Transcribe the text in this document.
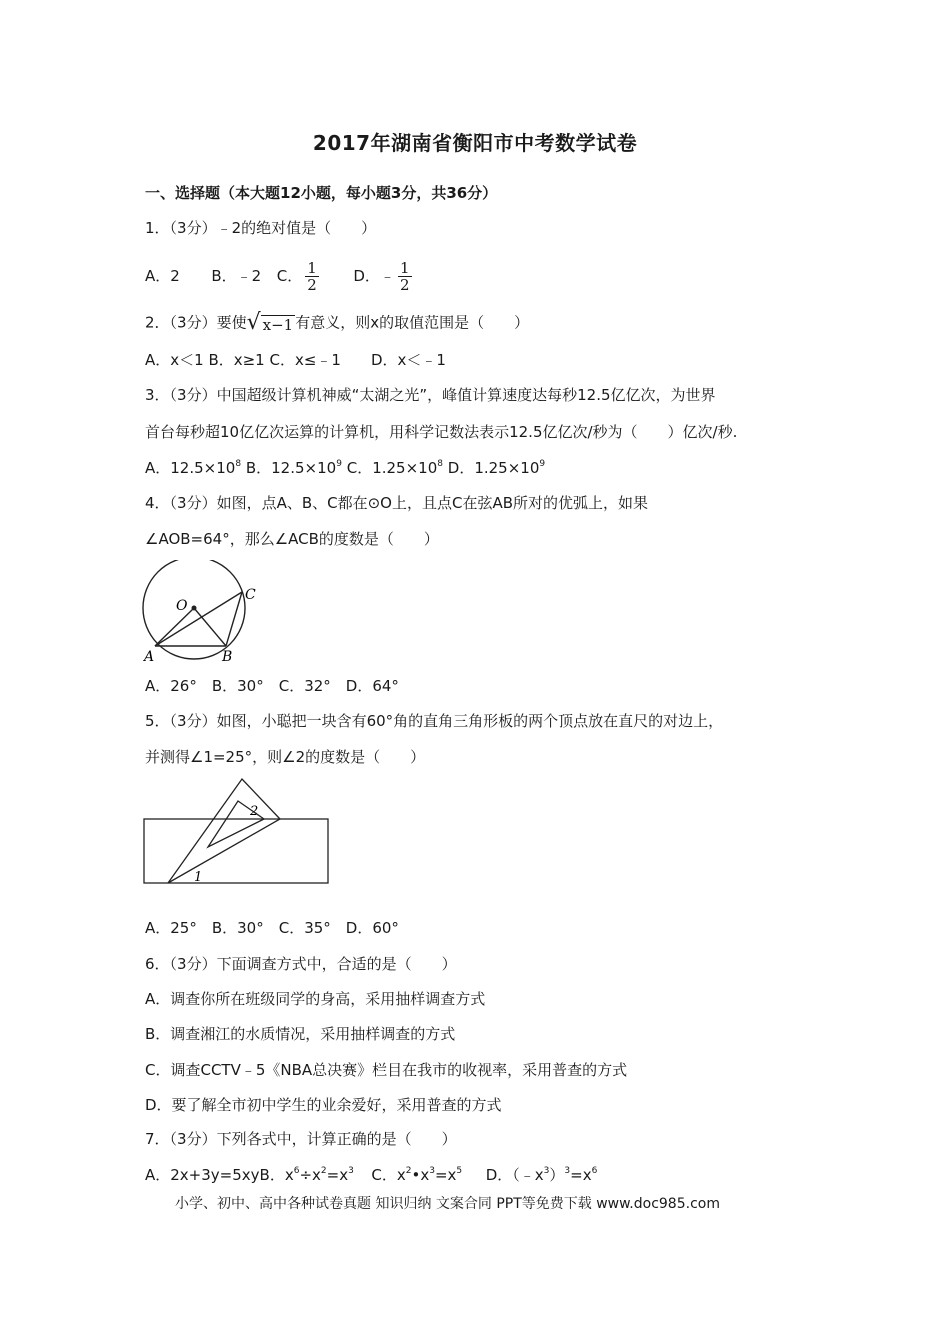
2017年湖南省衡阳市中考数学试卷
一、选择题（本大题12小题，每小题3分，共36分）
1．（3分）﹣2的绝对值是（　　）
A．2 B．﹣2 C． $\frac{1}{2}$ D．﹣ $\frac{1}{2}$
2．（3分）要使 √ x−1 有意义，则x的取值范围是（　　）
A．x＜1 B．x≥1 C．x≤﹣1　　D．x＜﹣1
3．（3分）中国超级计算机神威“太湖之光”，峰值计算速度达每秒12.5亿亿次，为世界
首台每秒超10亿亿次运算的计算机，用科学记数法表示12.5亿亿次/秒为（　　）亿次/秒.
A．$12.5\times 10^8$ B．$12.5\times 10^9$ C．$1.25\times 10^8$ D．$1.25\times 10^9$
4．（3分）如图，点A、B、C都在⊙O上，且点C在弦AB所对的优弧上，如果
∠AOB=64°，那么∠ACB的度数是（　　）
O
A	B
C
A．26°　B．30°　C．32°　D．64°
5．（3分）如图，小聪把一块含有60°角的直角三角形板的两个顶点放在直尺的对边上，
并测得∠1=25°，则∠2的度数是（　　）
1
2
A．25°　B．30°　C．35°　D．60°
6．（3分）下面调查方式中，合适的是（　　）
A．调查你所在班级同学的身高，采用抽样调查方式
B．调查湘江的水质情况，采用抽样调查的方式
C．调查CCTV﹣5《NBA总决赛》栏目在我市的收视率，采用普查的方式
D．要了解全市初中学生的业余爱好，采用普查的方式
7．（3分）下列各式中，计算正确的是（　　）
A．2x+3y=5xyB．$x^6\div x^2=x^3$ C．$x^2•x^3=x^5$ D．$(﹣x^3)^3=x^6$
小学、初中、高中各种试卷真题 知识归纳 文案合同 PPT等免费下载 www.doc985.com
